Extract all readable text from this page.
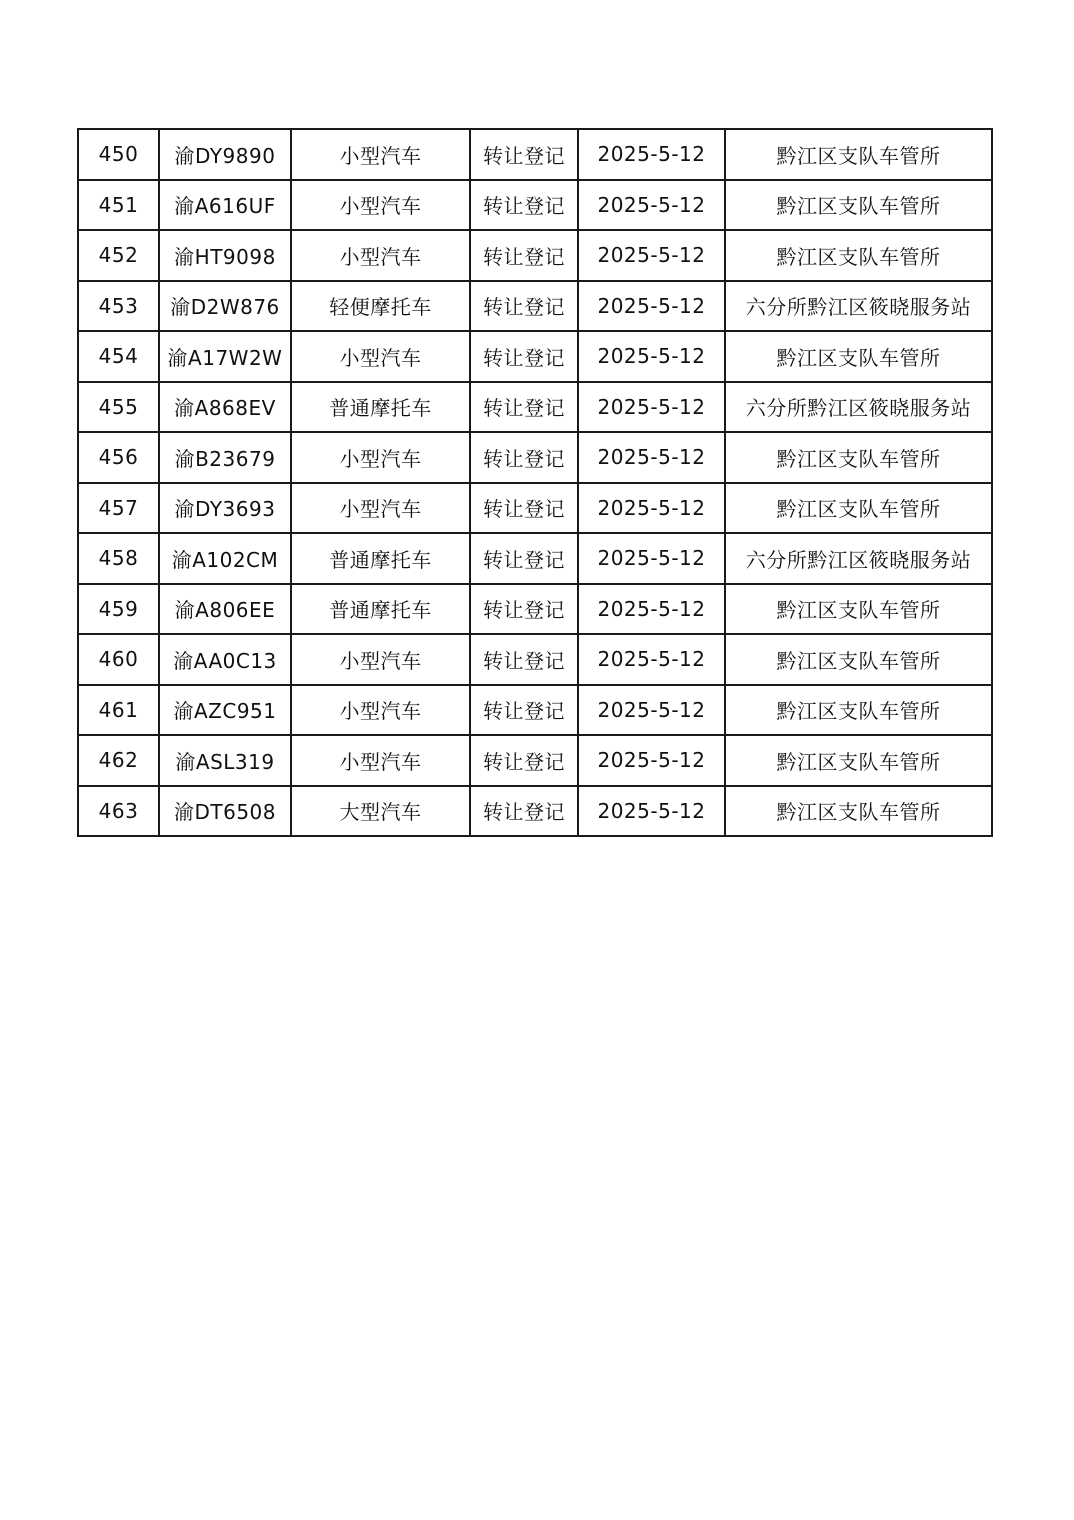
450	渝DY9890	小型汽车	转让登记	2025-5-12	黔江区支队车管所
451	渝A616UF	小型汽车	转让登记	2025-5-12	黔江区支队车管所
452	渝HT9098	小型汽车	转让登记	2025-5-12	黔江区支队车管所
453	渝D2W876	轻便摩托车	转让登记	2025-5-12	六分所黔江区筱晓服务站
454	渝A17W2W	小型汽车	转让登记	2025-5-12	黔江区支队车管所
455	渝A868EV	普通摩托车	转让登记	2025-5-12	六分所黔江区筱晓服务站
456	渝B23679	小型汽车	转让登记	2025-5-12	黔江区支队车管所
457	渝DY3693	小型汽车	转让登记	2025-5-12	黔江区支队车管所
458	渝A102CM	普通摩托车	转让登记	2025-5-12	六分所黔江区筱晓服务站
459	渝A806EE	普通摩托车	转让登记	2025-5-12	黔江区支队车管所
460	渝AA0C13	小型汽车	转让登记	2025-5-12	黔江区支队车管所
461	渝AZC951	小型汽车	转让登记	2025-5-12	黔江区支队车管所
462	渝ASL319	小型汽车	转让登记	2025-5-12	黔江区支队车管所
463	渝DT6508	大型汽车	转让登记	2025-5-12	黔江区支队车管所
